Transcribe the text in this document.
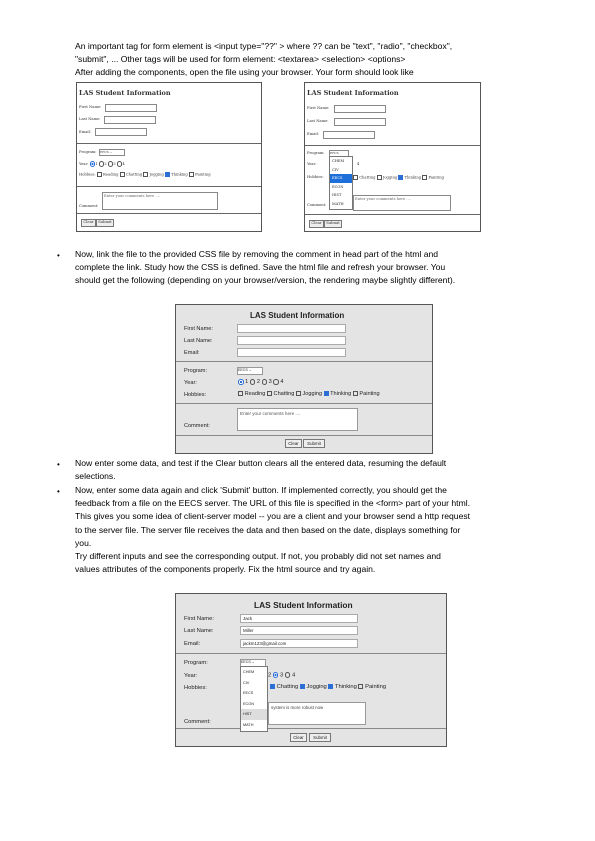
An important tag for form element is <input type="??" > where ?? can be "text", "radio", "checkbox",
"submit", ... Other tags will be used for form element: <textarea> <selection> <options>
After adding the components, open the file using your browser. Your form should look like
LAS Student Information
First Name:
Last Name:
Email:
Program:	EECS ⌄
Year: 1 2 3 4
Hobbies: Reading Chatting Jogging Thinking Painting
Enter your comments here ....
Comment:
Clear	Submit
LAS Student Information
First Name:
Last Name:
Email:
Program:	EECS
Year:	4
Hobbies:	Chatting Jogging Thinking Painting
Enter your comments here ....
Comment:
Clear	Submit
CHEM
CIV
EECS
ECON
HIST
MATH
• Now, link the file to the provided CSS file by removing the comment in head part of the html and
complete the link. Study how the CSS is defined. Save the html file and refresh your browser. You
should get the following (depending on your browser/version, the rendering maybe slightly different).
LAS Student Information
First Name:
Last Name:
Email:
Program:	EECS ⌄
Year:	1 2 3 4
Hobbies:	Reading Chatting Jogging Thinking Painting
Enter your comments here ....
Comment:
Clear	Submit
• Now enter some data, and test if the Clear button clears all the entered data, resuming the default
selections.
• Now, enter some data again and click 'Submit' button. If implemented correctly, you should get the
feedback from a file on the EECS server. The URL of this file is specified in the <form> part of your html.
This gives you some idea of client-server model -- you are a client and your browser send a http request
to the server file. The server file receives the data and then based on the date, displays something for
you.
Try different inputs and see the corresponding output. If not, you probably did not set names and
values attributes of the components properly. Fix the html source and try again.
LAS Student Information
First Name:	Jack
Last Name:	Miller
Email:	jackm123@gmail.com
Program:	EECS ⌄
Year:	2 3 4
Hobbies:	Chatting Jogging Thinking Painting
system is more robust now
Comment:
Clear	Submit
CHEM
CIV
EECS
ECON
HIST
MATH
